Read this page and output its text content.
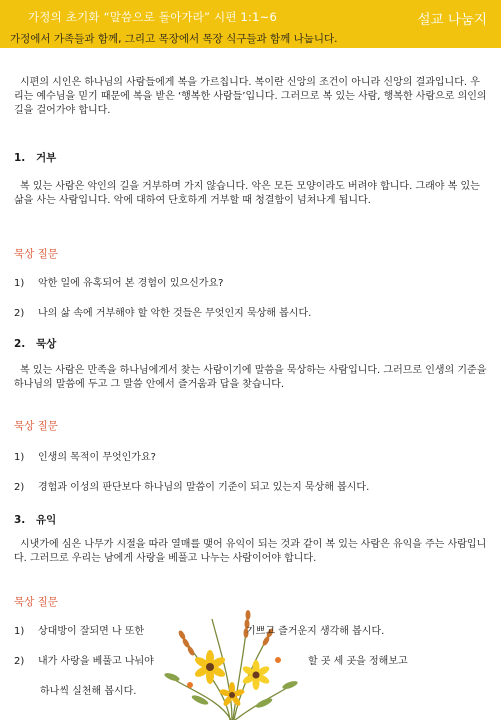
가정의 초기화 “말씀으로 돌아가라” 시편 1:1~6	설교 나눔지
가정에서 가족들과 함께, 그리고 목장에서 목장 식구들과 함께 나눕니다.

시편의 시인은 하나님의 사람들에게 복을 가르칩니다. 복이란 신앙의 조건이 아니라 신앙의 결과입니다. 우리는 예수님을 믿기 때문에 복을 받은 ‘행복한 사람들’입니다. 그러므로 복 있는 사람, 행복한 사람으로 의인의 길을 걸어가야 합니다.

1. 거부

복 있는 사람은 악인의 길을 거부하며 가지 않습니다. 악은 모든 모양이라도 버려야 합니다. 그래야 복 있는 삶을 사는 사람입니다. 악에 대하여 단호하게 거부할 때 청결함이 넘쳐나게 됩니다.

묵상 질문
1) 악한 일에 유혹되어 본 경험이 있으신가요?
2) 나의 삶 속에 거부해야 할 악한 것들은 무엇인지 묵상해 봅시다.
2. 묵상

복 있는 사람은 만족을 하나님에게서 찾는 사람이기에 말씀을 묵상하는 사람입니다. 그러므로 인생의 기준을 하나님의 말씀에 두고 그 말씀 안에서 즐거움과 답을 찾습니다.

묵상 질문
1) 인생의 목적이 무엇인가요?
2) 경험과 이성의 판단보다 하나님의 말씀이 기준이 되고 있는지 묵상해 봅시다.
3. 유익

시냇가에 심은 나무가 시절을 따라 열매를 맺어 유익이 되는 것과 같이 복 있는 사람은 유익을 주는 사람입니다. 그러므로 우리는 남에게 사랑을 베풀고 나누는 사람이어야 합니다.

묵상 질문
1) 상대방이 잘되면 나 또한	기쁘고 즐거운지 생각해 봅시다.
2) 내가 사랑을 베풀고 나눠야	할 곳 세 곳을 정해보고
하나씩 실천해 봅시다.
